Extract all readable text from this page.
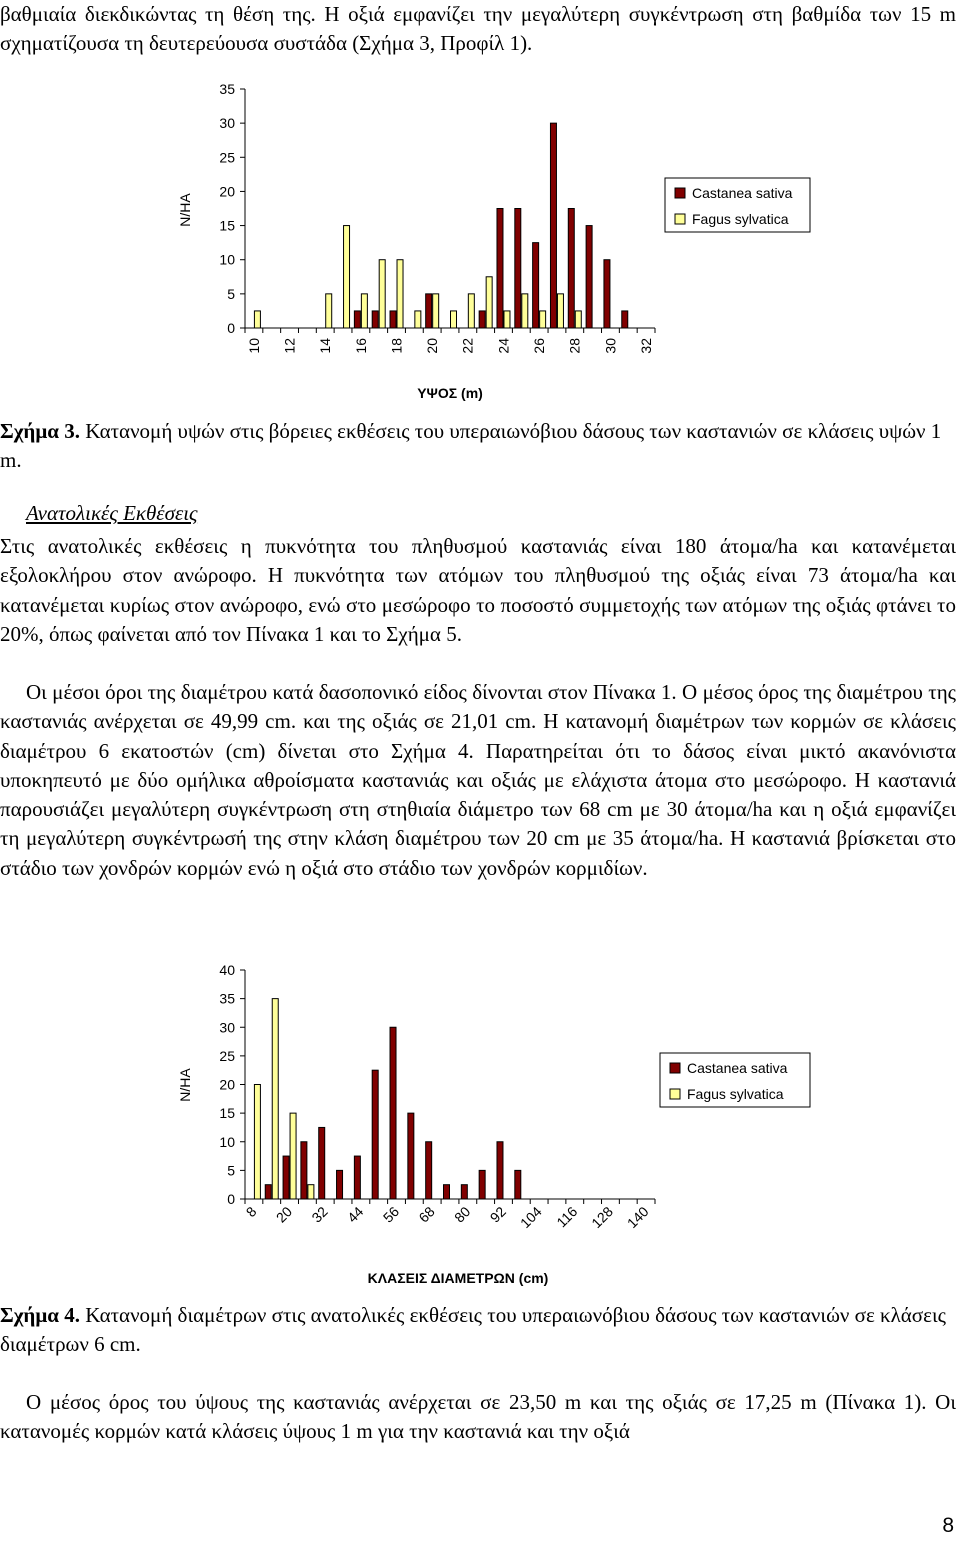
βαθμιαία διεκδικώντας τη θέση της. Η οξιά εμφανίζει την μεγαλύτερη συγκέντρωση στη βαθμίδα των 15 m σχηματίζουσα τη δευτερεύουσα συστάδα (Σχήμα 3, Προφίλ 1).

35
30
25
20
15
10
5
0
10 12 14 16 18 20 22 24 26 28 30 32
N/HA
ΥΨΟΣ (m)
Castanea sativa
Fagus sylvatica

Σχήμα 3. Κατανομή υψών στις βόρειες εκθέσεις του υπεραιωνόβιου δάσους των καστανιών σε κλάσεις υψών 1 m.

Ανατολικές Εκθέσεις

Στις ανατολικές εκθέσεις η πυκνότητα του πληθυσμού καστανιάς είναι 180 άτομα/ha και κατανέμεται εξολοκλήρου στον ανώροφο. Η πυκνότητα των ατόμων του πληθυσμού της οξιάς είναι 73 άτομα/ha και κατανέμεται κυρίως στον ανώροφο, ενώ στο μεσώροφο το ποσοστό συμμετοχής των ατόμων της οξιάς φτάνει το 20%, όπως φαίνεται από τον Πίνακα 1 και το Σχήμα 5.

Οι μέσοι όροι της διαμέτρου κατά δασοπονικό είδος δίνονται στον Πίνακα 1. Ο μέσος όρος της διαμέτρου της καστανιάς ανέρχεται σε 49,99 cm. και της οξιάς σε 21,01 cm. Η κατανομή διαμέτρων των κορμών σε κλάσεις διαμέτρου 6 εκατοστών (cm) δίνεται στο Σχήμα 4. Παρατηρείται ότι το δάσος είναι μικτό ακανόνιστα υποκηπευτό με δύο ομήλικα αθροίσματα καστανιάς και οξιάς με ελάχιστα άτομα στο μεσώροφο. Η καστανιά παρουσιάζει μεγαλύτερη συγκέντρωση στη στηθιαία διάμετρο των 68 cm με 30 άτομα/ha και η οξιά εμφανίζει τη μεγαλύτερη συγκέντρωσή της στην κλάση διαμέτρου των 20 cm με 35 άτομα/ha. Η καστανιά βρίσκεται στο στάδιο των χονδρών κορμών ενώ η οξιά στο στάδιο των χονδρών κορμιδίων.

40
35
30
25
20
15
10
5
0
8 20 32 44 56 68 80 92 104 116 128 140
N/HA
ΚΛΑΣΕΙΣ ΔΙΑΜΕΤΡΩΝ (cm)
Castanea sativa
Fagus sylvatica

Σχήμα 4. Κατανομή διαμέτρων στις ανατολικές εκθέσεις του υπεραιωνόβιου δάσους των καστανιών σε κλάσεις διαμέτρων 6 cm.

Ο μέσος όρος του ύψους της καστανιάς ανέρχεται σε 23,50 m και της οξιάς σε 17,25 m (Πίνακα 1). Οι κατανομές κορμών κατά κλάσεις ύψους 1 m για την καστανιά και την οξιά

8
